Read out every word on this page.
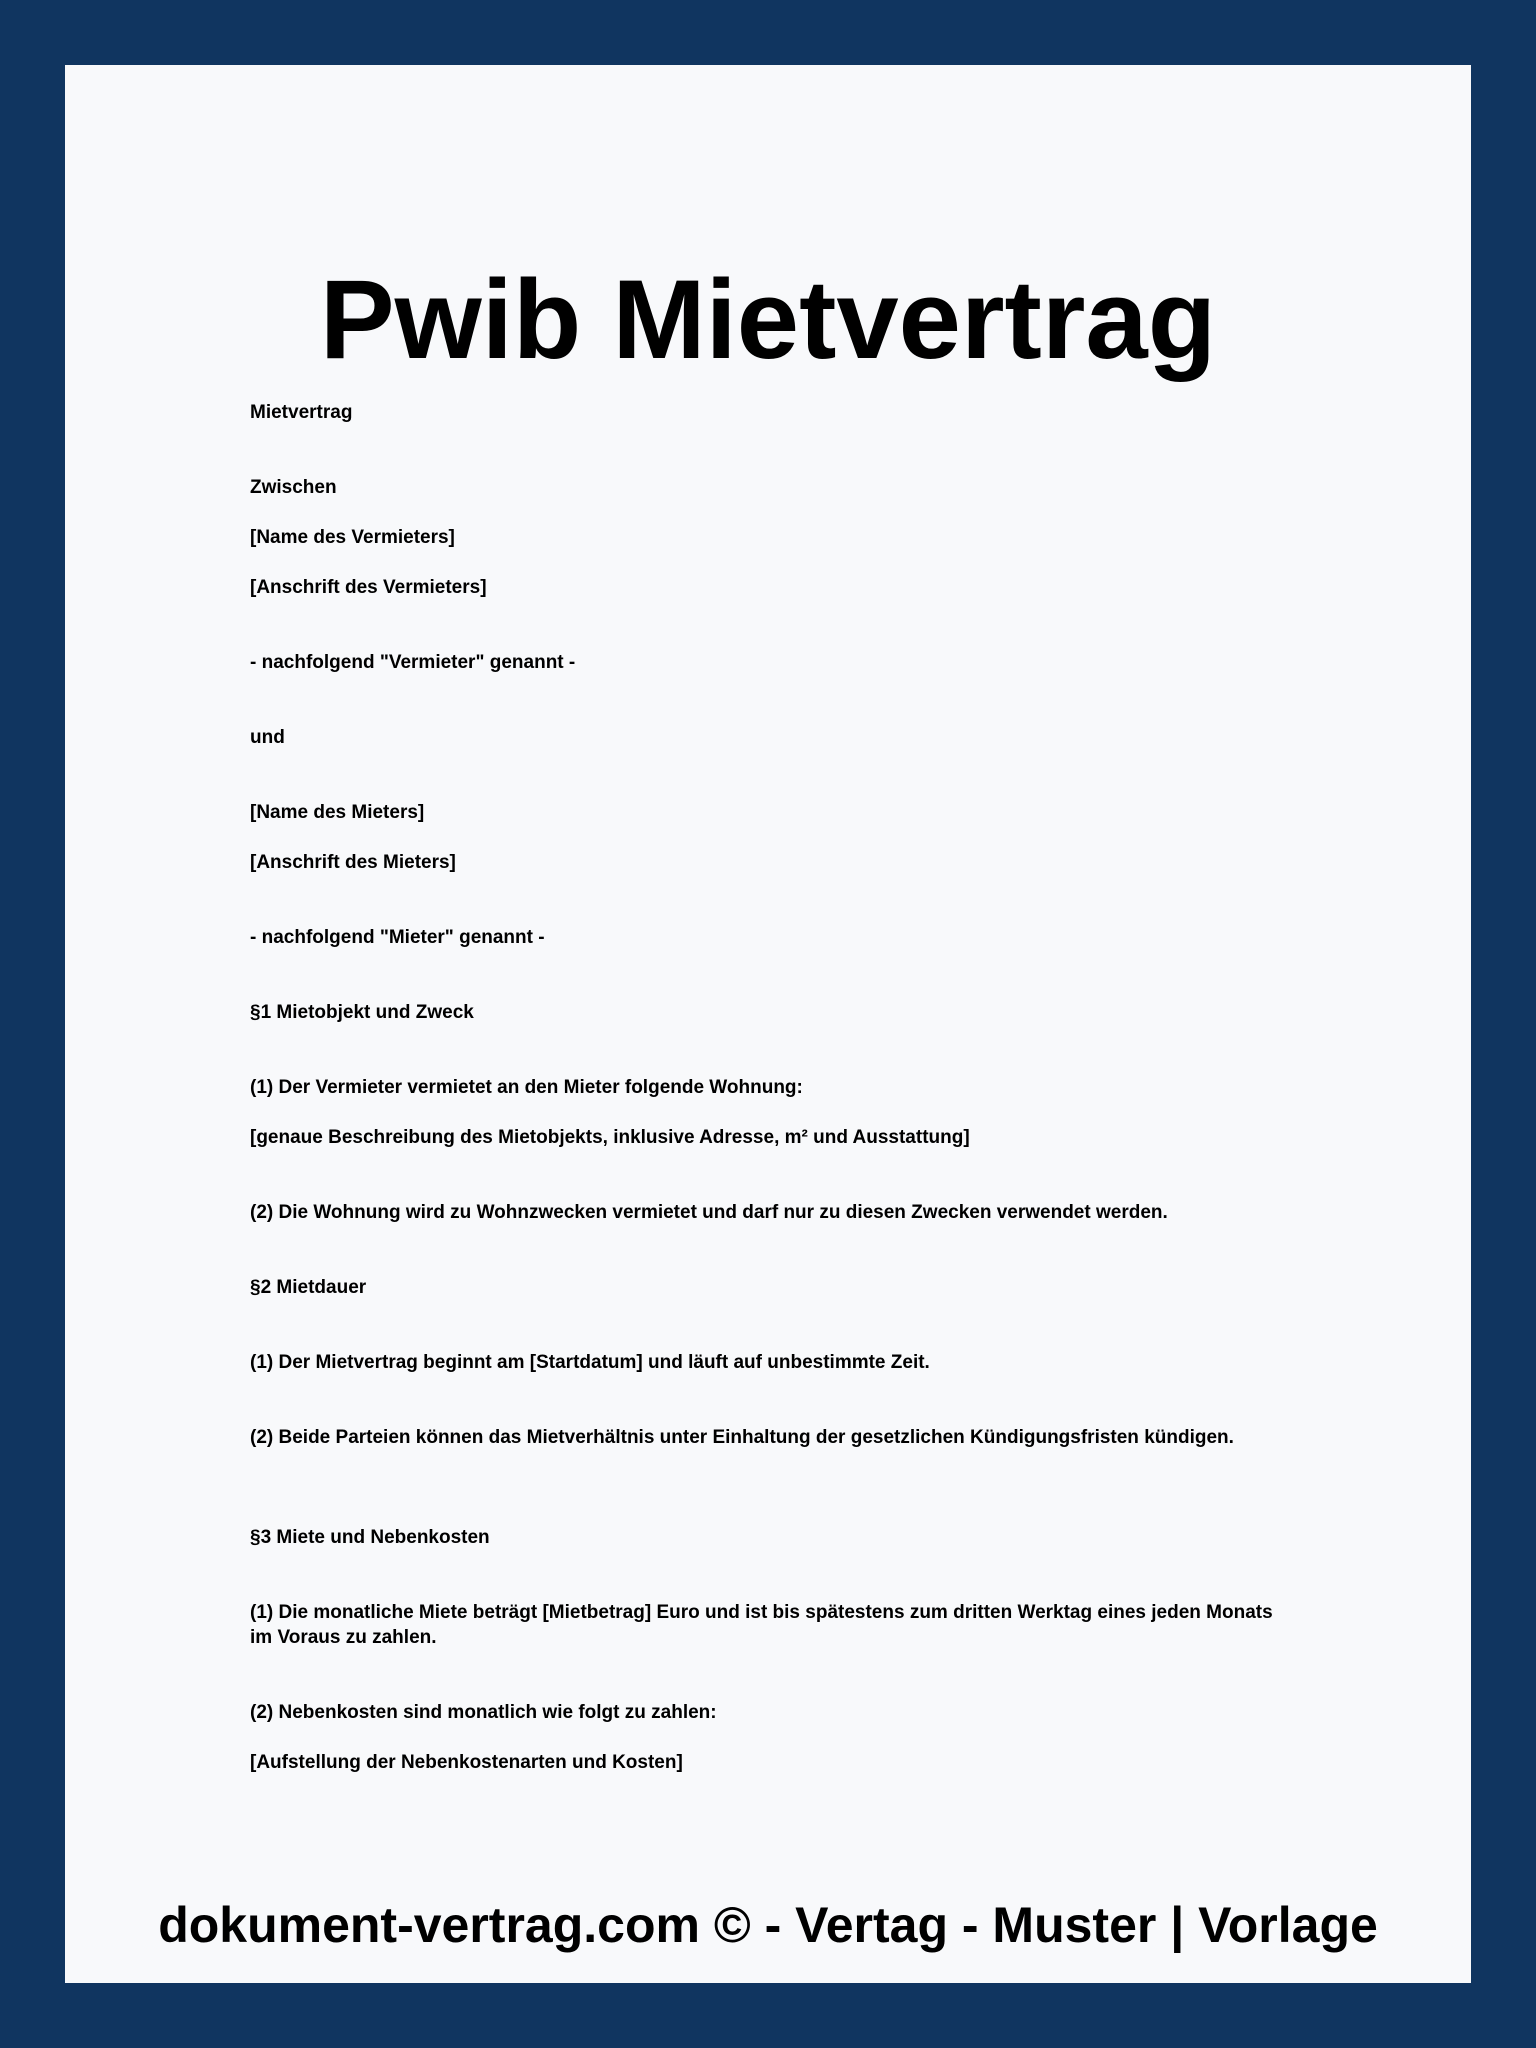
Pwib Mietvertrag

Mietvertrag

Zwischen

[Name des Vermieters]

[Anschrift des Vermieters]

- nachfolgend "Vermieter" genannt -

und

[Name des Mieters]

[Anschrift des Mieters]

- nachfolgend "Mieter" genannt -

§1 Mietobjekt und Zweck

(1) Der Vermieter vermietet an den Mieter folgende Wohnung:

[genaue Beschreibung des Mietobjekts, inklusive Adresse, m² und Ausstattung]

(2) Die Wohnung wird zu Wohnzwecken vermietet und darf nur zu diesen Zwecken verwendet werden.

§2 Mietdauer

(1) Der Mietvertrag beginnt am [Startdatum] und läuft auf unbestimmte Zeit.

(2) Beide Parteien können das Mietverhältnis unter Einhaltung der gesetzlichen Kündigungsfristen kündigen.

§3 Miete und Nebenkosten

(1) Die monatliche Miete beträgt [Mietbetrag] Euro und ist bis spätestens zum dritten Werktag eines jeden Monats im Voraus zu zahlen.

(2) Nebenkosten sind monatlich wie folgt zu zahlen:

[Aufstellung der Nebenkostenarten und Kosten]

dokument-vertrag.com © - Vertag - Muster | Vorlage
